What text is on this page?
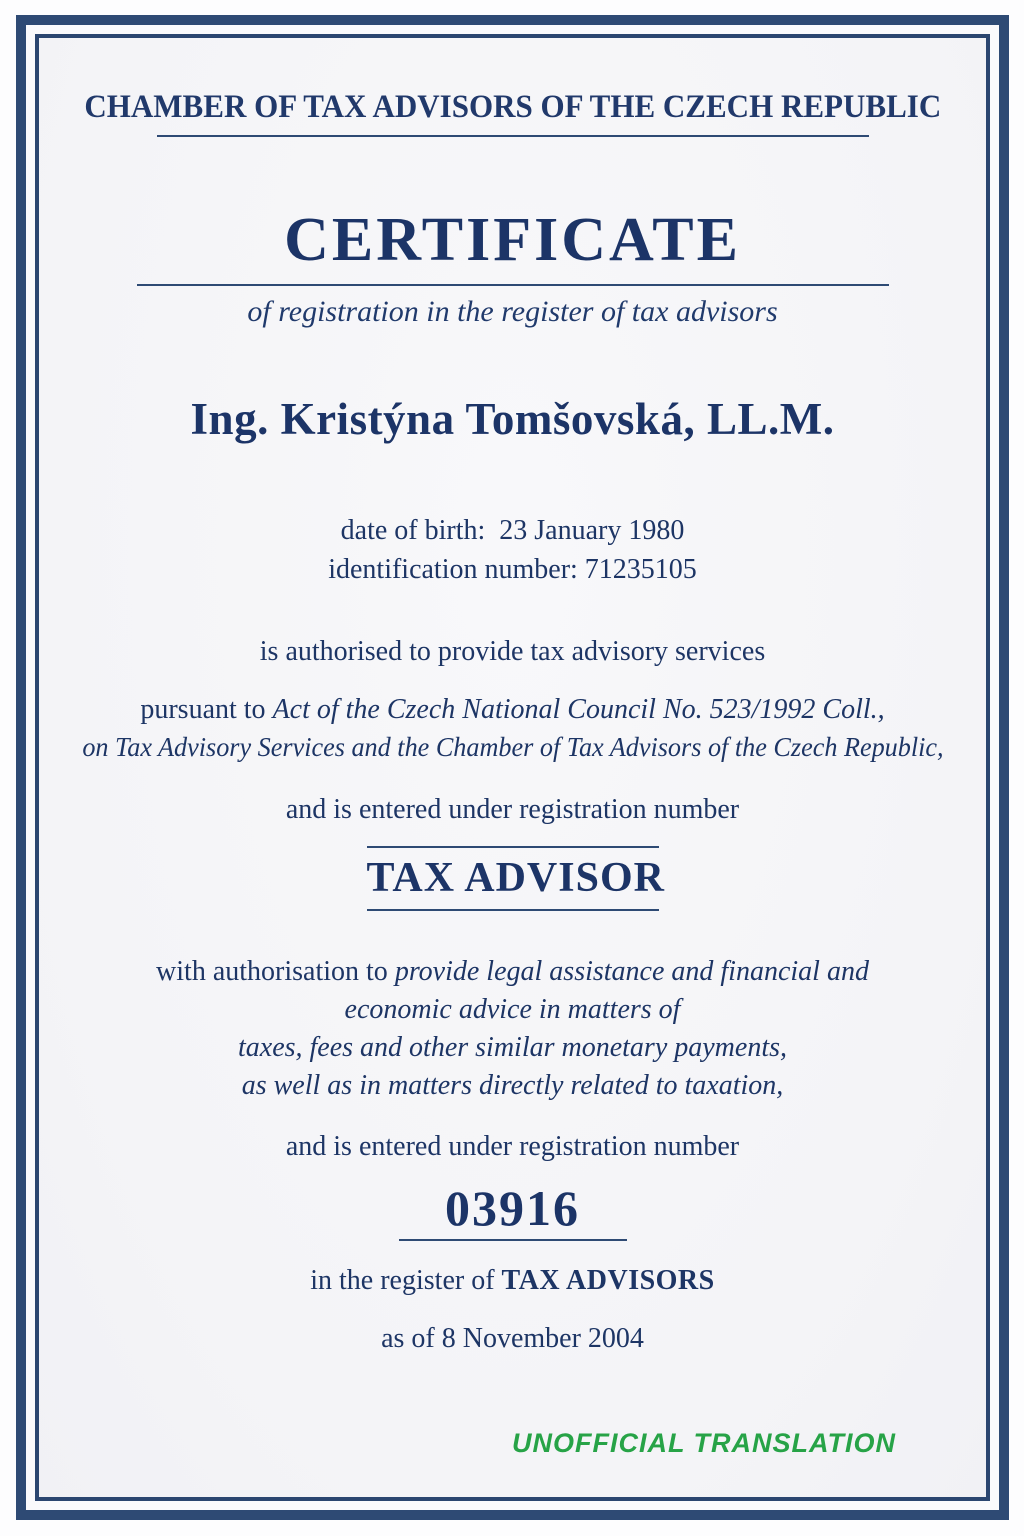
CHAMBER OF TAX ADVISORS OF THE CZECH REPUBLIC
CERTIFICATE
of registration in the register of tax advisors
Ing. Kristýna Tomšovská, LL.M.
date of birth: 23 January 1980
identification number: 71235105
is authorised to provide tax advisory services
pursuant to Act of the Czech National Council No. 523/1992 Coll.,
on Tax Advisory Services and the Chamber of Tax Advisors of the Czech Republic,
and is entered under registration number
TAX ADVISOR
with authorisation to provide legal assistance and financial and
economic advice in matters of
taxes, fees and other similar monetary payments,
as well as in matters directly related to taxation,
and is entered under registration number
03916
in the register of TAX ADVISORS
as of 8 November 2004
UNOFFICIAL TRANSLATION
